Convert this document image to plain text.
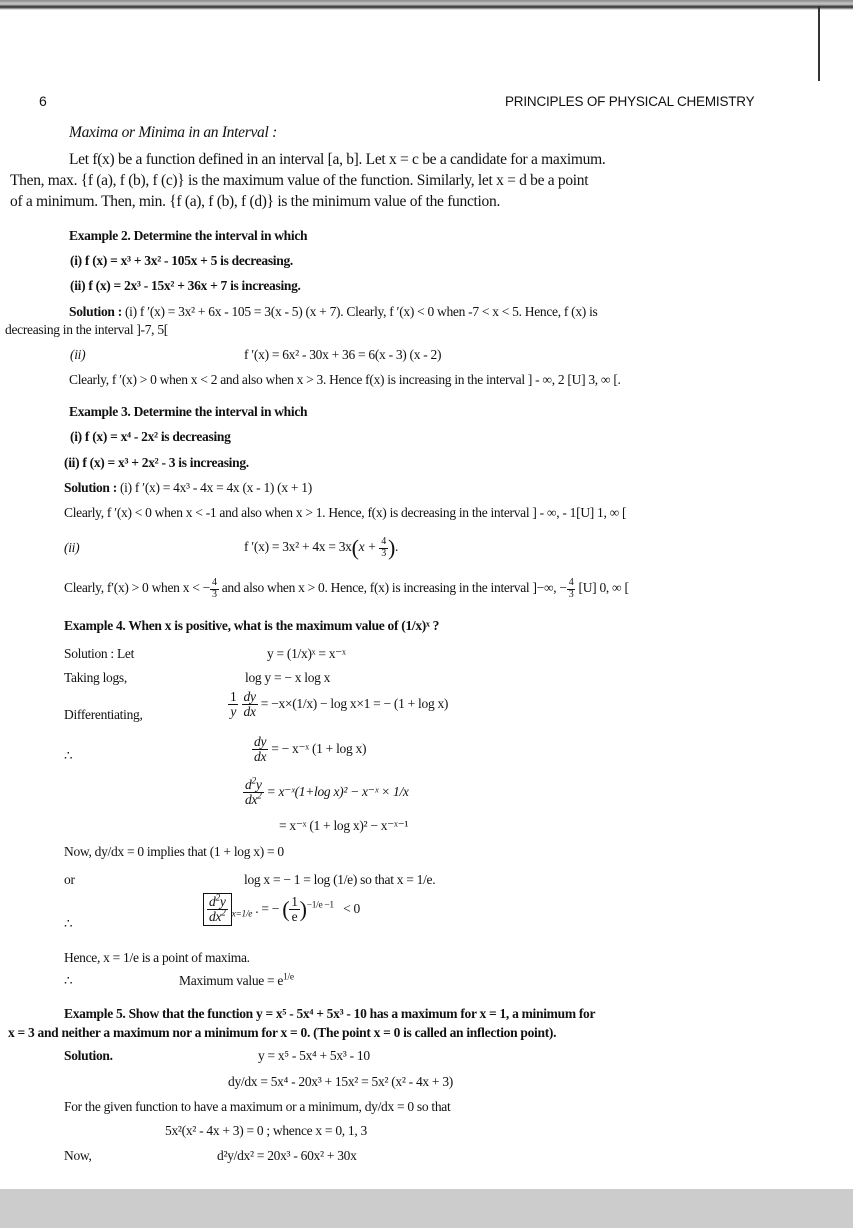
6	PRINCIPLES OF PHYSICAL CHEMISTRY
Maxima or Minima in an Interval :
Let f(x) be a function defined in an interval [a, b]. Let x = c be a candidate for a maximum.
Then, max. {f (a), f (b), f (c)} is the maximum value of the function. Similarly, let x = d be a point
of a minimum. Then, min. {f (a), f (b), f (d)} is the minimum value of the function.
Example 2. Determine the interval in which
(i) f (x) = x³ + 3x² - 105x + 5 is decreasing.
(ii) f (x) = 2x³ - 15x² + 36x + 7 is increasing.
Solution : (i) f ′(x) = 3x² + 6x - 105 = 3(x - 5) (x + 7). Clearly, f ′(x) < 0 when -7 < x < 5. Hence, f (x) is
decreasing in the interval ]-7, 5[
(ii)	f ′(x) = 6x² - 30x + 36 = 6(x - 3) (x - 2)
Clearly, f ′(x) > 0 when x < 2 and also when x > 3. Hence f(x) is increasing in the interval ] - ∞, 2 [U] 3, ∞ [.
Example 3. Determine the interval in which
(i) f (x) = x⁴ - 2x² is decreasing
(ii) f (x) = x³ + 2x² - 3 is increasing.
Solution : (i) f ′(x) = 4x³ - 4x = 4x (x - 1) (x + 1)
Clearly, f ′(x) < 0 when x < -1 and also when x > 1. Hence, f(x) is decreasing in the interval ] - ∞, - 1[U] 1, ∞ [
(ii)	f $'(x) = 3x^2 + 4x = 3x(x + \frac{4}{3}$ ).
Clearly, f′(x) > 0 when x < − $\frac{4}{3}$ and also when x > 0. Hence, f(x) is increasing in the interval ]−∞, − $\frac{4}{3} [U]$ 0, ∞ [
Example 4. When x is positive, what is the maximum value of (1/x)ˣ ?
Solution : Let	y = (1/x)ˣ = x⁻ˣ
Taking logs,	log y = − x log x
Differentiating,	$\frac{1}{y}$
$\frac{dy}{dx} = -x\times(1/x) - \log x\times 1$ = − (1 + log x)
∴	$\frac{dy}{dx}$ = − x⁻ˣ (1 + log x)
$\frac{d^2y}{dx^2}$ = x⁻ˣ(1+log x)² − x⁻ˣ × 1/x
= x⁻ˣ (1 + log x)² − x⁻ˣ⁻¹
Now, dy/dx = 0 implies that (1 + log x) = 0
or	log x = − 1 = log (1/e) so that x = 1/e.
∴	$\frac{d^2y}{dx^2} _{x=1/e}$ . = − ( $\frac{1}{e} )^{-1/e -1} < 0$
Hence, x = 1/e is a point of maxima.
∴	Maximum value = $e^{1/e}$
Example 5. Show that the function y = x⁵ - 5x⁴ + 5x³ - 10 has a maximum for x = 1, a minimum for
x = 3 and neither a maximum nor a minimum for x = 0. (The point x = 0 is called an inflection point).
Solution.	y = x⁵ - 5x⁴ + 5x³ - 10
dy/dx = 5x⁴ - 20x³ + 15x² = 5x² (x² - 4x + 3)
For the given function to have a maximum or a minimum, dy/dx = 0 so that
5x²(x² - 4x + 3) = 0 ; whence x = 0, 1, 3
Now,	d²y/dx² = 20x³ - 60x² + 30x
